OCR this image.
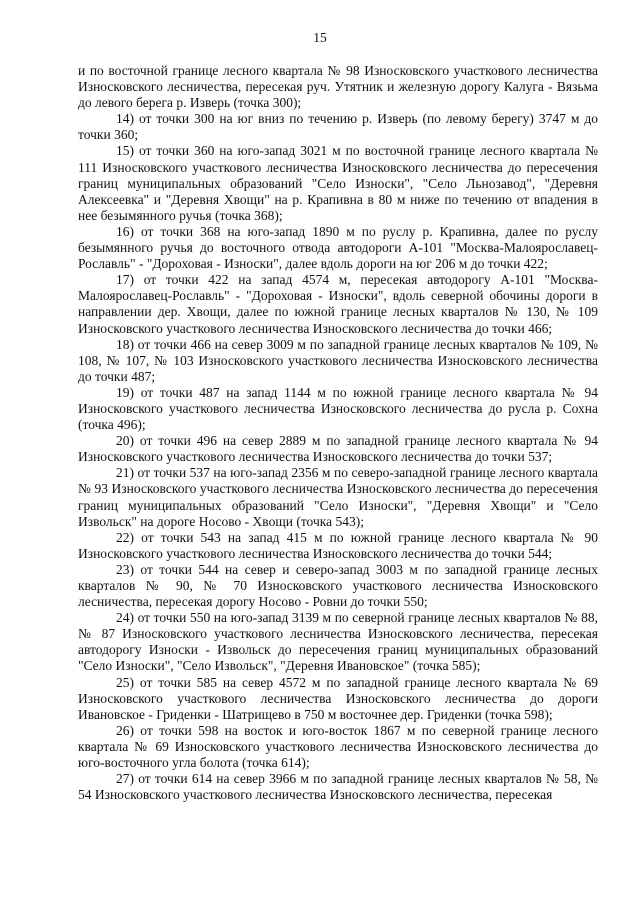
15

и по восточной границе лесного квартала № 98 Износковского участкового лесничества Износковского лесничества, пересекая руч. Утятник и железную дорогу Калуга - Вязьма до левого берега р. Изверь (точка 300);

14) от точки 300 на юг вниз по течению р. Изверь (по левому берегу) 3747 м до точки 360;

15) от точки 360 на юго-запад 3021 м по восточной границе лесного квартала № 111 Износковского участкового лесничества Износковского лесничества до пересечения границ муниципальных образований "Село Износки", "Село Льнозавод", "Деревня Алексеевка" и "Деревня Хвощи" на р. Крапивна в 80 м ниже по течению от впадения в нее безымянного ручья (точка 368);

16) от точки 368 на юго-запад 1890 м по руслу р. Крапивна, далее по руслу безымянного ручья до восточного отвода автодороги А-101 "Москва-Малоярославец-Рославль" - "Дороховая - Износки", далее вдоль дороги на юг 206 м до точки 422;

17) от точки 422 на запад 4574 м, пересекая автодорогу А-101 "Москва-Малоярославец-Рославль" - "Дороховая - Износки", вдоль северной обочины дороги в направлении дер. Хвощи, далее по южной границе лесных кварталов № 130, № 109 Износковского участкового лесничества Износковского лесничества до точки 466;

18) от точки 466 на север 3009 м по западной границе лесных кварталов № 109, № 108, № 107, № 103 Износковского участкового лесничества Износковского лесничества до точки 487;

19) от точки 487 на запад 1144 м по южной границе лесного квартала № 94 Износковского участкового лесничества Износковского лесничества до русла р. Сохна (точка 496);

20) от точки 496 на север 2889 м по западной границе лесного квартала № 94 Износковского участкового лесничества Износковского лесничества до точки 537;

21) от точки 537 на юго-запад 2356 м по северо-западной границе лесного квартала № 93 Износковского участкового лесничества Износковского лесничества до пересечения границ муниципальных образований "Село Износки", "Деревня Хвощи" и "Село Извольск" на дороге Носово - Хвощи (точка 543);

22) от точки 543 на запад 415 м по южной границе лесного квартала № 90 Износковского участкового лесничества Износковского лесничества до точки 544;

23) от точки 544 на север и северо-запад 3003 м по западной границе лесных кварталов № 90, № 70 Износковского участкового лесничества Износковского лесничества, пересекая дорогу Носово - Ровни до точки 550;

24) от точки 550 на юго-запад 3139 м по северной границе лесных кварталов № 88, № 87 Износковского участкового лесничества Износковского лесничества, пересекая автодорогу Износки - Извольск до пересечения границ муниципальных образований "Село Износки", "Село Извольск", "Деревня Ивановское" (точка 585);

25) от точки 585 на север 4572 м по западной границе лесного квартала № 69 Износковского участкового лесничества Износковского лесничества до дороги Ивановское - Гриденки - Шатрищево в 750 м восточнее дер. Гриденки (точка 598);

26) от точки 598 на восток и юго-восток 1867 м по северной границе лесного квартала № 69 Износковского участкового лесничества Износковского лесничества до юго-восточного угла болота (точка 614);

27) от точки 614 на север 3966 м по западной границе лесных кварталов № 58, № 54 Износковского участкового лесничества Износковского лесничества, пересекая
